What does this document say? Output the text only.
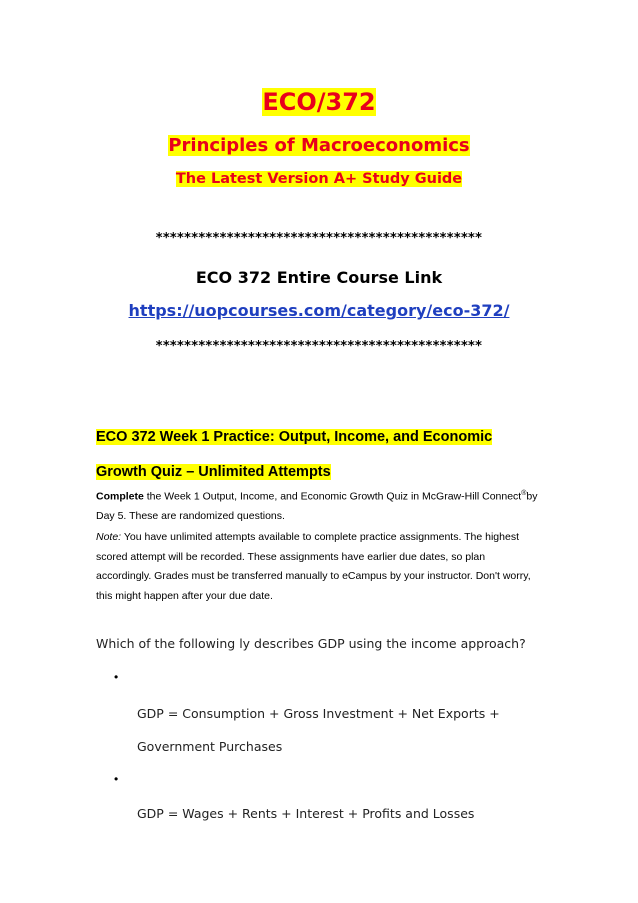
ECO/372
Principles of Macroeconomics
The Latest Version A+ Study Guide
**********************************************
ECO 372 Entire Course Link
https://uopcourses.com/category/eco-372/
**********************************************
ECO 372 Week 1 Practice: Output, Income, and Economic
Growth Quiz – Unlimited Attempts
Complete the Week 1 Output, Income, and Economic Growth Quiz in McGraw-Hill Connect®by Day 5. These are randomized questions.
Note: You have unlimited attempts available to complete practice assignments. The highest scored attempt will be recorded. These assignments have earlier due dates, so plan accordingly. Grades must be transferred manually to eCampus by your instructor. Don't worry, this might happen after your due date.
Which of the following ly describes GDP using the income approach?
•
GDP = Consumption + Gross Investment + Net Exports + Government Purchases
•
GDP = Wages + Rents + Interest + Profits and Losses
